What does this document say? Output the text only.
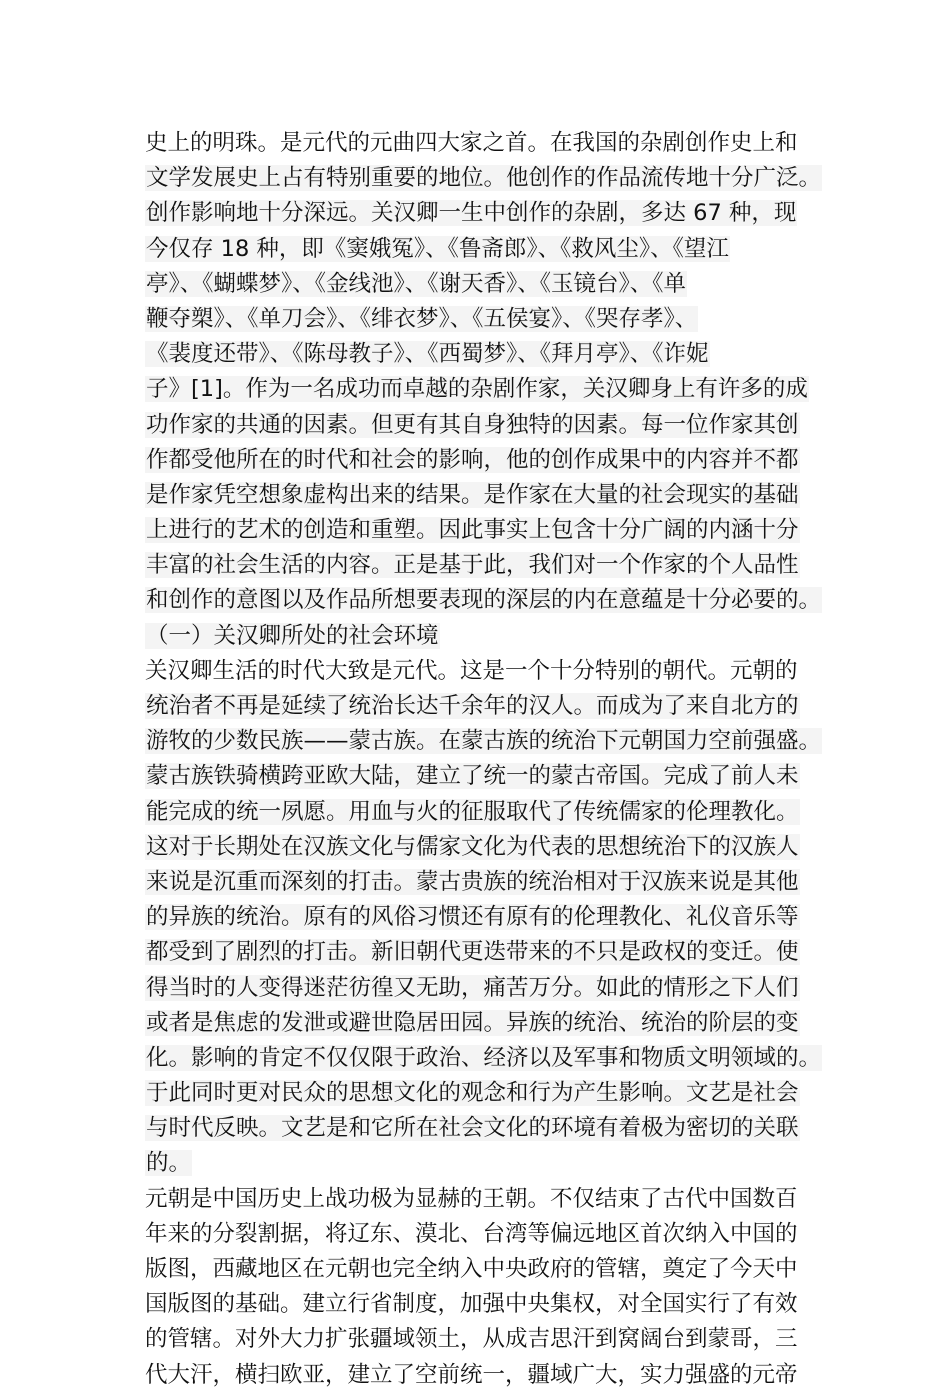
史上的明珠。是元代的元曲四大家之首。在我国的杂剧创作史上和
文学发展史上占有特别重要的地位。他创作的作品流传地十分广泛。
创作影响地十分深远。关汉卿一生中创作的杂剧，多达 67 种，现
今仅存 18 种，即《窦娥冤》、《鲁斋郎》、《救风尘》、《望江
亭》、《蝴蝶梦》、《金线池》、《谢天香》、《玉镜台》、《单
鞭夺槊》、《单刀会》、《绯衣梦》、《五侯宴》、《哭存孝》、
《裴度还带》、《陈母教子》、《西蜀梦》、《拜月亭》、《诈妮
子》[1]。作为一名成功而卓越的杂剧作家，关汉卿身上有许多的成
功作家的共通的因素。但更有其自身独特的因素。每一位作家其创
作都受他所在的时代和社会的影响，他的创作成果中的内容并不都
是作家凭空想象虚构出来的结果。是作家在大量的社会现实的基础
上进行的艺术的创造和重塑。因此事实上包含十分广阔的内涵十分
丰富的社会生活的内容。正是基于此，我们对一个作家的个人品性
和创作的意图以及作品所想要表现的深层的内在意蕴是十分必要的。
（一）关汉卿所处的社会环境
关汉卿生活的时代大致是元代。这是一个十分特别的朝代。元朝的
统治者不再是延续了统治长达千余年的汉人。而成为了来自北方的
游牧的少数民族——蒙古族。在蒙古族的统治下元朝国力空前强盛。
蒙古族铁骑横跨亚欧大陆，建立了统一的蒙古帝国。完成了前人未
能完成的统一夙愿。用血与火的征服取代了传统儒家的伦理教化。
这对于长期处在汉族文化与儒家文化为代表的思想统治下的汉族人
来说是沉重而深刻的打击。蒙古贵族的统治相对于汉族来说是其他
的异族的统治。原有的风俗习惯还有原有的伦理教化、礼仪音乐等
都受到了剧烈的打击。新旧朝代更迭带来的不只是政权的变迁。使
得当时的人变得迷茫彷徨又无助，痛苦万分。如此的情形之下人们
或者是焦虑的发泄或避世隐居田园。异族的统治、统治的阶层的变
化。影响的肯定不仅仅限于政治、经济以及军事和物质文明领域的。
于此同时更对民众的思想文化的观念和行为产生影响。文艺是社会
与时代反映。文艺是和它所在社会文化的环境有着极为密切的关联
的。
元朝是中国历史上战功极为显赫的王朝。不仅结束了古代中国数百
年来的分裂割据，将辽东、漠北、台湾等偏远地区首次纳入中国的
版图，西藏地区在元朝也完全纳入中央政府的管辖，奠定了今天中
国版图的基础。建立行省制度，加强中央集权，对全国实行了有效
的管辖。对外大力扩张疆域领土，从成吉思汗到窝阔台到蒙哥，三
代大汗，横扫欧亚，建立了空前统一，疆域广大，实力强盛的元帝
